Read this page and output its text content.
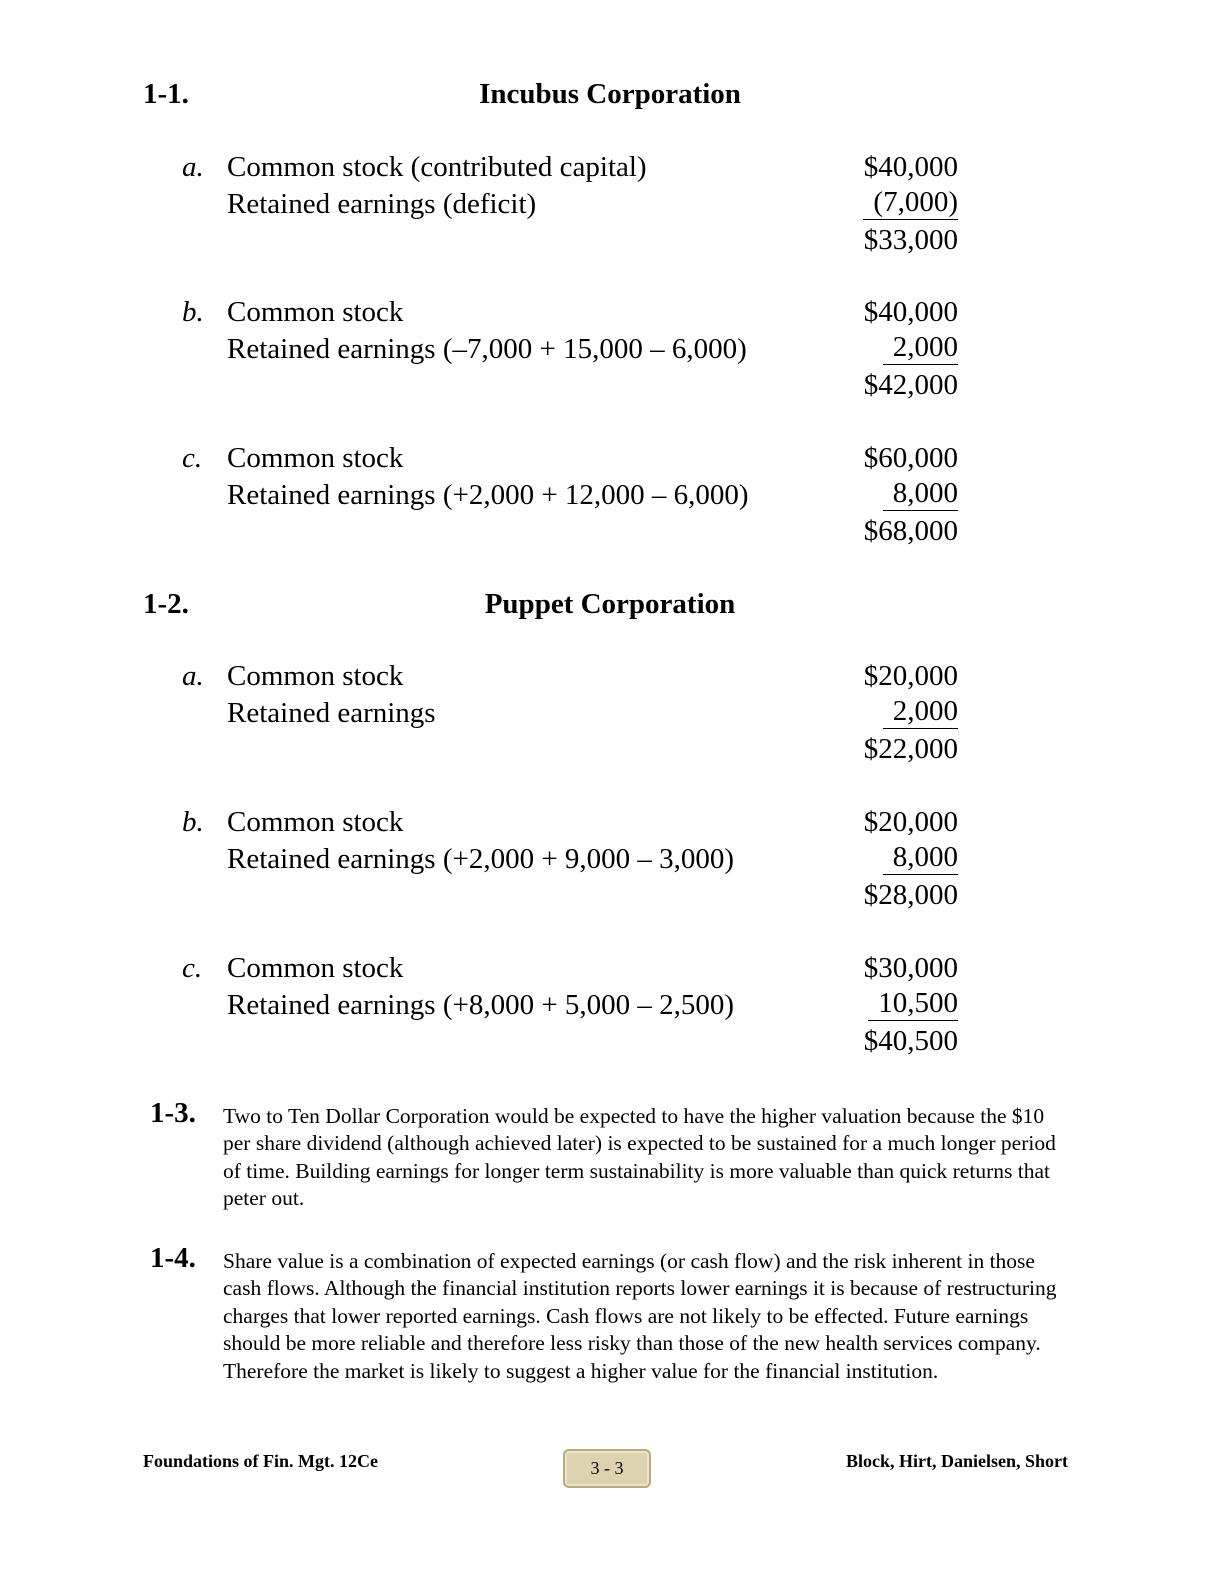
1-1.	Incubus Corporation
a. Common stock (contributed capital)	$40,000
Retained earnings (deficit)	(7,000)
$33,000
b. Common stock	$40,000
Retained earnings (–7,000 + 15,000 – 6,000)	2,000
$42,000
c. Common stock	$60,000
Retained earnings (+2,000 + 12,000 – 6,000)	8,000
$68,000
1-2.	Puppet Corporation
a. Common stock	$20,000
Retained earnings	2,000
$22,000
b. Common stock	$20,000
Retained earnings (+2,000 + 9,000 – 3,000)	8,000
$28,000
c. Common stock	$30,000
Retained earnings (+8,000 + 5,000 – 2,500)	10,500
$40,500
1-3. Two to Ten Dollar Corporation would be expected to have the higher valuation because the $10 per share dividend (although achieved later) is expected to be sustained for a much longer period of time. Building earnings for longer term sustainability is more valuable than quick returns that peter out.
1-4. Share value is a combination of expected earnings (or cash flow) and the risk inherent in those cash flows. Although the financial institution reports lower earnings it is because of restructuring charges that lower reported earnings. Cash flows are not likely to be effected. Future earnings should be more reliable and therefore less risky than those of the new health services company. Therefore the market is likely to suggest a higher value for the financial institution.
Foundations of Fin. Mgt. 12Ce	3 - 3	Block, Hirt, Danielsen, Short
